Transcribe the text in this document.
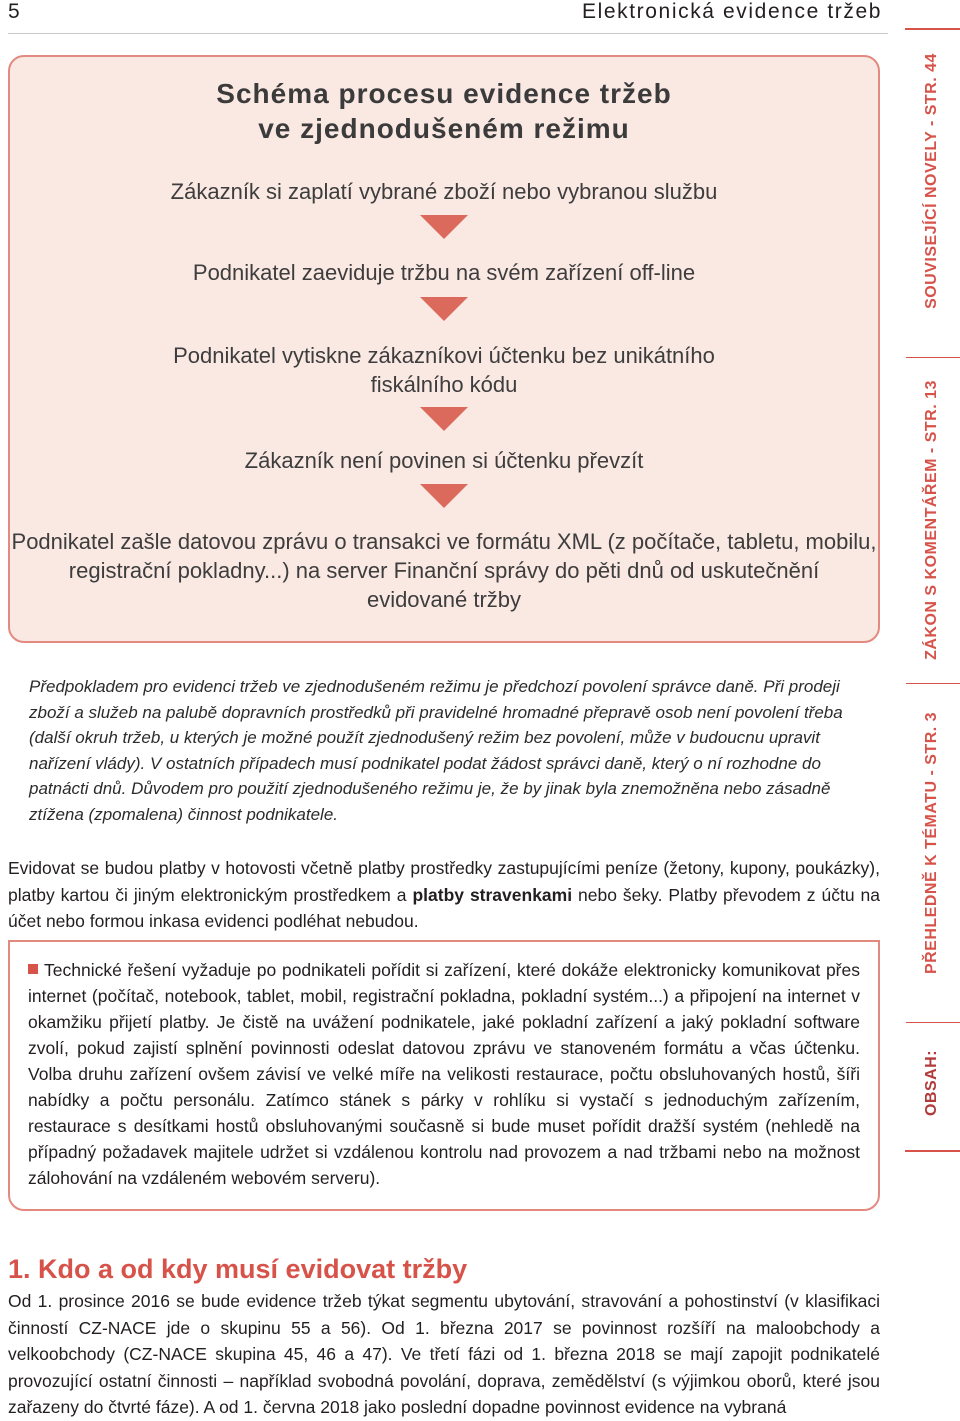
5	Elektronická evidence tržeb
SOUVISEJÍCÍ NOVELY - STR. 44
ZÁKON S KOMENTÁŘEM - STR. 13
PŘEHLEDNĚ K TÉMATU - STR. 3
OBSAH:
Schéma procesu evidence tržeb
ve zjednodušeném režimu
Zákazník si zaplatí vybrané zboží nebo vybranou službu
Podnikatel zaeviduje tržbu na svém zařízení off-line
Podnikatel vytiskne zákazníkovi účtenku bez unikátního
fiskálního kódu
Zákazník není povinen si účtenku převzít
Podnikatel zašle datovou zprávu o transakci ve formátu XML (z počítače, tabletu, mobilu,
registrační pokladny...) na server Finanční správy do pěti dnů od uskutečnění
evidované tržby
Předpokladem pro evidenci tržeb ve zjednodušeném režimu je předchozí povolení správce daně. Při prodeji zboží a služeb na palubě dopravních prostředků při pravidelné hromadné přepravě osob není povolení třeba (další okruh tržeb, u kterých je možné použít zjednodušený režim bez povolení, může v budoucnu upravit nařízení vlády). V ostatních případech musí podnikatel podat žádost správci daně, který o ní rozhodne do patnácti dnů. Důvodem pro použití zjednodušeného režimu je, že by jinak byla znemožněna nebo zásadně ztížena (zpomalena) činnost podnikatele.
Evidovat se budou platby v hotovosti včetně platby prostředky zastupujícími peníze (žetony, kupony, poukázky), platby kartou či jiným elektronickým prostředkem a platby stravenkami nebo šeky. Platby převodem z účtu na účet nebo formou inkasa evidenci podléhat nebudou.
Technické řešení vyžaduje po podnikateli pořídit si zařízení, které dokáže elektronicky komunikovat přes internet (počítač, notebook, tablet, mobil, registrační pokladna, pokladní systém...) a připojení na internet v okamžiku přijetí platby. Je čistě na uvážení podnikatele, jaké pokladní zařízení a jaký pokladní software zvolí, pokud zajistí splnění povinnosti odeslat datovou zprávu ve stanoveném formátu a včas účtenku. Volba druhu zařízení ovšem závisí ve velké míře na velikosti restaurace, počtu obsluhovaných hostů, šíři nabídky a počtu personálu. Zatímco stánek s párky v rohlíku si vystačí s jednoduchým zařízením, restaurace s desítkami hostů obsluhovanými současně si bude muset pořídit dražší systém (nehledě na případný požadavek majitele udržet si vzdálenou kontrolu nad provozem a nad tržbami nebo na možnost zálohování na vzdáleném webovém serveru).
1. Kdo a od kdy musí evidovat tržby
Od 1. prosince 2016 se bude evidence tržeb týkat segmentu ubytování, stravování a pohostinství (v klasifikaci činností CZ-NACE jde o skupinu 55 a 56). Od 1. března 2017 se povinnost rozšíří na maloobchody a velkoobchody (CZ-NACE skupina 45, 46 a 47). Ve třetí fázi od 1. března 2018 se mají zapojit podnikatelé provozující ostatní činnosti – například svobodná povolání, doprava, zemědělství (s výjimkou oborů, které jsou zařazeny do čtvrté fáze). A od 1. června 2018 jako poslední dopadne povinnost evidence na vybraná
